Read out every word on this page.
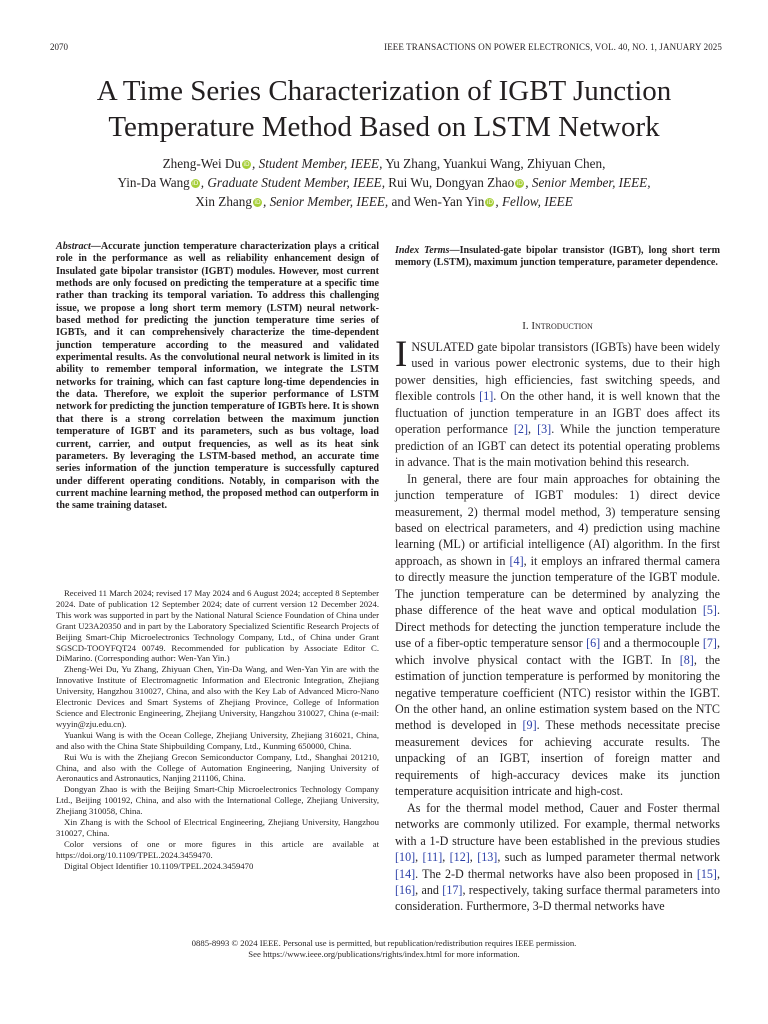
2070	IEEE TRANSACTIONS ON POWER ELECTRONICS, VOL. 40, NO. 1, JANUARY 2025
A Time Series Characterization of IGBT Junction
Temperature Method Based on LSTM Network
Zheng-Wei Du iD , Student Member, IEEE, Yu Zhang, Yuankui Wang, Zhiyuan Chen,
Yin-Da Wang iD , Graduate Student Member, IEEE, Rui Wu, Dongyan Zhao iD , Senior Member, IEEE,
Xin Zhang iD , Senior Member, IEEE, and Wen-Yan Yin iD , Fellow, IEEE
Abstract—Accurate junction temperature characterization plays a critical role in the performance as well as reliability enhancement design of Insulated gate bipolar transistor (IGBT) modules. However, most current methods are only focused on predicting the temperature at a specific time rather than tracking its temporal variation. To address this challenging issue, we propose a long short term memory (LSTM) neural network-based method for predicting the junction temperature time series of IGBTs, and it can comprehensively characterize the time-dependent junction temperature according to the measured and validated experimental results. As the convolutional neural network is limited in its ability to remember temporal information, we integrate the LSTM networks for training, which can fast capture long-time dependencies in the data. Therefore, we exploit the superior performance of LSTM network for predicting the junction temperature of IGBTs here. It is shown that there is a strong correlation between the maximum junction temperature of IGBT and its parameters, such as bus voltage, load current, carrier, and output frequencies, as well as its heat sink parameters. By leveraging the LSTM-based method, an accurate time series information of the junction temperature is successfully captured under different operating conditions. Notably, in comparison with the current machine learning method, the proposed method can outperform in the same training dataset.

Received 11 March 2024; revised 17 May 2024 and 6 August 2024; accepted 8 September 2024. Date of publication 12 September 2024; date of current version 12 December 2024. This work was supported in part by the National Natural Science Foundation of China under Grant U23A20350 and in part by the Laboratory Specialized Scientific Research Projects of Beijing Smart-Chip Microelectronics Technology Company, Ltd., of China under Grant SGSCD-TOOYFQT24 00749. Recommended for publication by Associate Editor C. DiMarino. (Corresponding author: Wen-Yan Yin.)

Zheng-Wei Du, Yu Zhang, Zhiyuan Chen, Yin-Da Wang, and Wen-Yan Yin are with the Innovative Institute of Electromagnetic Information and Electronic Integration, Zhejiang University, Hangzhou 310027, China, and also with the Key Lab of Advanced Micro-Nano Electronic Devices and Smart Systems of Zhejiang Province, College of Information Science and Electronic Engineering, Zhejiang University, Hangzhou 310027, China (e-mail: wyyin@zju.edu.cn).

Yuankui Wang is with the Ocean College, Zhejiang University, Zhejiang 316021, China, and also with the China State Shipbuilding Company, Ltd., Kunming 650000, China.

Rui Wu is with the Zhejiang Grecon Semiconductor Company, Ltd., Shanghai 201210, China, and also with the College of Automation Engineering, Nanjing University of Aeronautics and Astronautics, Nanjing 211106, China.

Dongyan Zhao is with the Beijing Smart-Chip Microelectronics Technology Company Ltd., Beijing 100192, China, and also with the International College, Zhejiang University, Zhejiang 310058, China.

Xin Zhang is with the School of Electrical Engineering, Zhejiang University, Hangzhou 310027, China.

Color versions of one or more figures in this article are available at https://doi.org/10.1109/TPEL.2024.3459470.

Digital Object Identifier 10.1109/TPEL.2024.3459470

Index Terms—Insulated-gate bipolar transistor (IGBT), long short term memory (LSTM), maximum junction temperature, parameter dependence.
I. Introduction

INSULATED gate bipolar transistors (IGBTs) have been widely used in various power electronic systems, due to their high power densities, high efficiencies, fast switching speeds, and flexible controls [1]. On the other hand, it is well known that the fluctuation of junction temperature in an IGBT does affect its operation performance [2], [3]. While the junction temperature prediction of an IGBT can detect its potential operating problems in advance. That is the main motivation behind this research.

In general, there are four main approaches for obtaining the junction temperature of IGBT modules: 1) direct device measurement, 2) thermal model method, 3) temperature sensing based on electrical parameters, and 4) prediction using machine learning (ML) or artificial intelligence (AI) algorithm. In the first approach, as shown in [4], it employs an infrared thermal camera to directly measure the junction temperature of the IGBT module. The junction temperature can be determined by analyzing the phase difference of the heat wave and optical modulation [5]. Direct methods for detecting the junction temperature include the use of a fiber-optic temperature sensor [6] and a thermocouple [7], which involve physical contact with the IGBT. In [8], the estimation of junction temperature is performed by monitoring the negative temperature coefficient (NTC) resistor within the IGBT. On the other hand, an online estimation system based on the NTC method is developed in [9]. These methods necessitate precise measurement devices for achieving accurate results. The unpacking of an IGBT, insertion of foreign matter and requirements of high-accuracy devices make its junction temperature acquisition intricate and high-cost.

As for the thermal model method, Cauer and Foster thermal networks are commonly utilized. For example, thermal networks with a 1-D structure have been established in the previous studies [10], [11], [12], [13], such as lumped parameter thermal network [14]. The 2-D thermal networks have also been proposed in [15], [16], and [17], respectively, taking surface thermal parameters into consideration. Furthermore, 3-D thermal networks have

0885-8993 © 2024 IEEE. Personal use is permitted, but republication/redistribution requires IEEE permission.
See https://www.ieee.org/publications/rights/index.html for more information.
